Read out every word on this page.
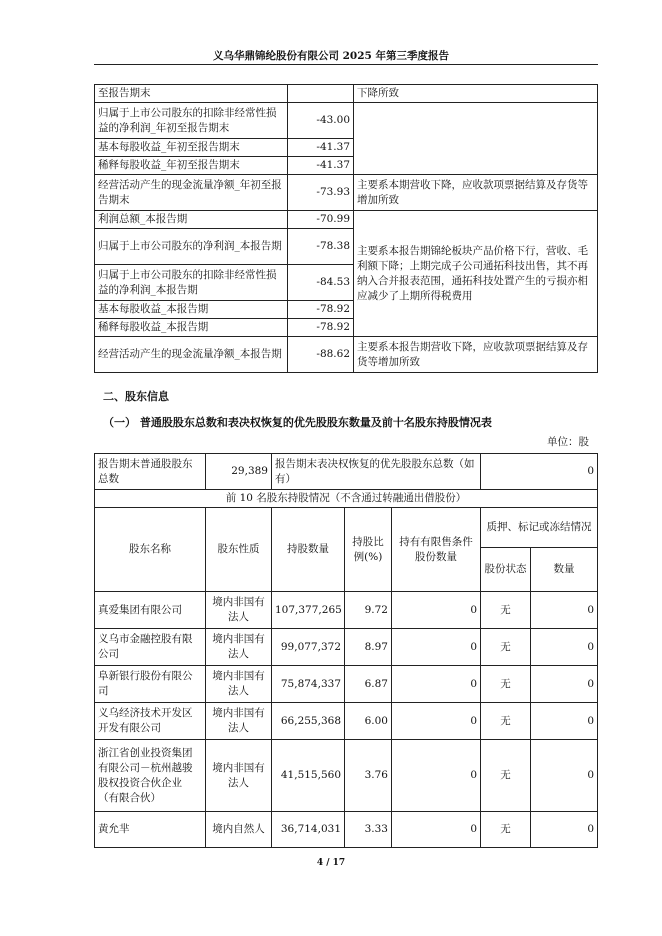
义乌华鼎锦纶股份有限公司 2025 年第三季度报告
至报告期末		下降所致
归属于上市公司股东的扣除非经常性损益的净利润_年初至报告期末	-43.00	
基本每股收益_年初至报告期末	-41.37	
稀释每股收益_年初至报告期末	-41.37	
经营活动产生的现金流量净额_年初至报告期末	-73.93	主要系本期营收下降，应收款项票据结算及存货等增加所致
利润总额_本报告期	-70.99	主要系本报告期锦纶板块产品价格下行，营收、毛利额下降；上期完成子公司通拓科技出售，其不再纳入合并报表范围，通拓科技处置产生的亏损亦相应减少了上期所得税费用
归属于上市公司股东的净利润_本报告期	-78.38	
归属于上市公司股东的扣除非经常性损益的净利润_本报告期	-84.53	
基本每股收益_本报告期	-78.92	
稀释每股收益_本报告期	-78.92	
经营活动产生的现金流量净额_本报告期	-88.62	主要系本报告期营收下降，应收款项票据结算及存货等增加所致
二、股东信息
（一） 普通股股东总数和表决权恢复的优先股股东数量及前十名股东持股情况表
单位：股
报告期末普通股股东总数	29,389	报告期末表决权恢复的优先股股东总数（如有）			0	
前 10 名股东持股情况（不含通过转融通出借股份）						
股东名称	股东性质	持股数量	持股比例(%)	持有有限售条件股份数量	质押、标记或冻结情况	
					股份状态	数量
真爱集团有限公司	境内非国有法人	107,377,265	9.72	0	无	0
义乌市金融控股有限公司	境内非国有法人	99,077,372	8.97	0	无	0
阜新银行股份有限公司	境内非国有法人	75,874,337	6.87	0	无	0
义乌经济技术开发区开发有限公司	境内非国有法人	66,255,368	6.00	0	无	0
浙江省创业投资集团有限公司－杭州越骏股权投资合伙企业（有限合伙）	境内非国有法人	41,515,560	3.76	0	无	0
黄允芈	境内自然人	36,714,031	3.33	0	无	0
4 / 17
